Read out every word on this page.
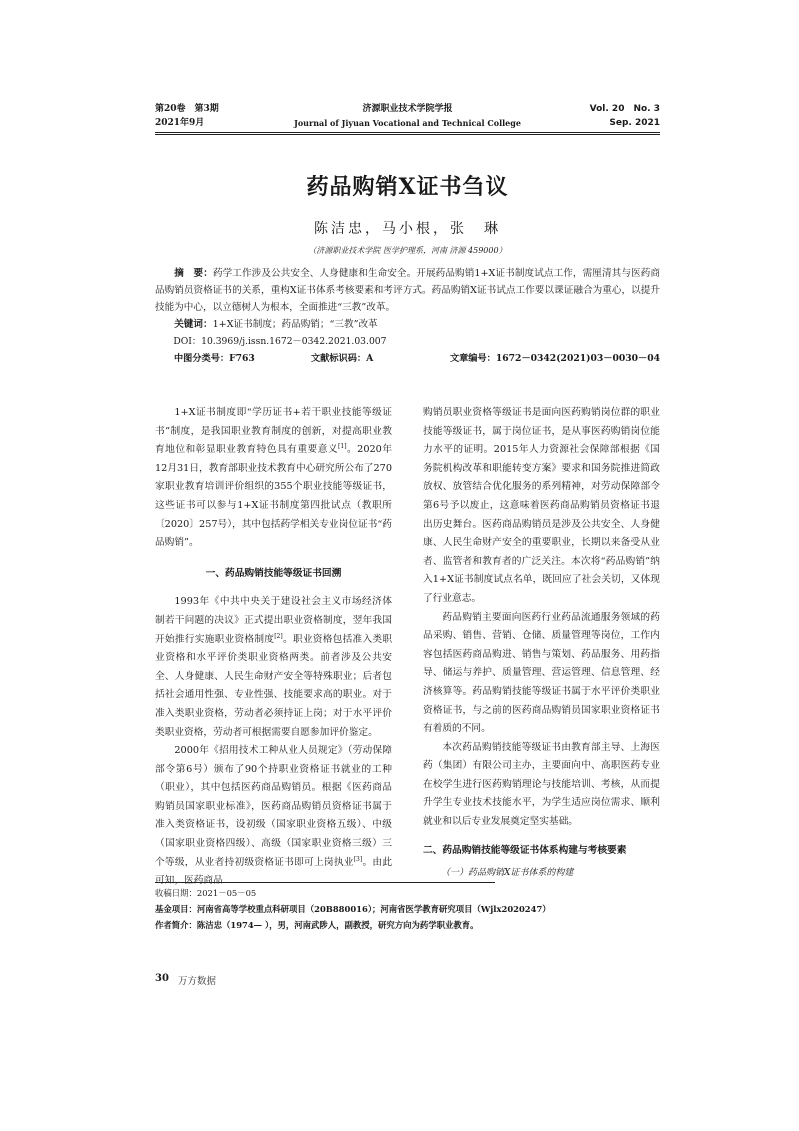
第20卷　第3期
2021年9月
济源职业技术学院学报
Journal of Jiyuan Vocational and Technical College
Vol. 20　No. 3
Sep. 2021
药品购销X证书刍议
陈洁忠，马小根，张　琳
（济源职业技术学院 医学护理系，河南 济源 459000）

摘　要：药学工作涉及公共安全、人身健康和生命安全。开展药品购销1+X证书制度试点工作，需厘清其与医药商品购销员资格证书的关系，重构X证书体系考核要素和考评方式。药品购销X证书试点工作要以课证融合为重心，以提升技能为中心，以立德树人为根本，全面推进“三教”改革。

关键词：1+X证书制度；药品购销；“三教”改革

DOI：10.3969/j.issn.1672－0342.2021.03.007
中图分类号：F763	文献标识码：A	文章编号：1672－0342(2021)03－0030－04

1+X证书制度即“学历证书+若干职业技能等级证书”制度，是我国职业教育制度的创新，对提高职业教育地位和彰显职业教育特色具有重要意义[1]。2020年12月31日，教育部职业技术教育中心研究所公布了270家职业教育培训评价组织的355个职业技能等级证书，这些证书可以参与1+X证书制度第四批试点（教职所〔2020〕257号），其中包括药学相关专业岗位证书“药品购销”。

一、药品购销技能等级证书回溯

1993年《中共中央关于建设社会主义市场经济体制若干问题的决议》正式提出职业资格制度，翌年我国开始推行实施职业资格制度[2]。职业资格包括准入类职业资格和水平评价类职业资格两类。前者涉及公共安全、人身健康、人民生命财产安全等特殊职业；后者包括社会通用性强、专业性强、技能要求高的职业。对于准入类职业资格，劳动者必须持证上岗；对于水平评价类职业资格，劳动者可根据需要自愿参加评价鉴定。

2000年《招用技术工种从业人员规定》（劳动保障部令第6号）颁布了90个持职业资格证书就业的工种（职业），其中包括医药商品购销员。根据《医药商品购销员国家职业标准》，医药商品购销员资格证书属于准入类资格证书，设初级（国家职业资格五级）、中级（国家职业资格四级）、高级（国家职业资格三级）三个等级，从业者持初级资格证书即可上岗执业[3]。由此可知，医药商品

购销员职业资格等级证书是面向医药购销岗位群的职业技能等级证书，属于岗位证书，是从事医药购销岗位能力水平的证明。2015年人力资源社会保障部根据《国务院机构改革和职能转变方案》要求和国务院推进简政放权、放管结合优化服务的系列精神，对劳动保障部令第6号予以废止，这意味着医药商品购销员资格证书退出历史舞台。医药商品购销员是涉及公共安全、人身健康、人民生命财产安全的重要职业，长期以来备受从业者、监管者和教育者的广泛关注。本次将“药品购销”纳入1+X证书制度试点名单，既回应了社会关切，又体现了行业意志。

药品购销主要面向医药行业药品流通服务领域的药品采购、销售、营销、仓储、质量管理等岗位，工作内容包括医药商品购进、销售与策划、药品服务、用药指导、储运与养护、质量管理、营运管理、信息管理、经济核算等。药品购销技能等级证书属于水平评价类职业资格证书，与之前的医药商品购销员国家职业资格证书有着质的不同。

本次药品购销技能等级证书由教育部主导、上海医药（集团）有限公司主办，主要面向中、高职医药专业在校学生进行医药购销理论与技能培训、考核，从而提升学生专业技术技能水平，为学生适应岗位需求、顺利就业和以后专业发展奠定坚实基础。

二、药品购销技能等级证书体系构建与考核要素
（一）药品购销X证书体系的构建
收稿日期：2021－05－05
基金项目：河南省高等学校重点科研项目（20B880016）；河南省医学教育研究项目（Wjlx2020247）
作者简介：陈洁忠（1974— ），男，河南武陟人，副教授，研究方向为药学职业教育。
30 万方数据
